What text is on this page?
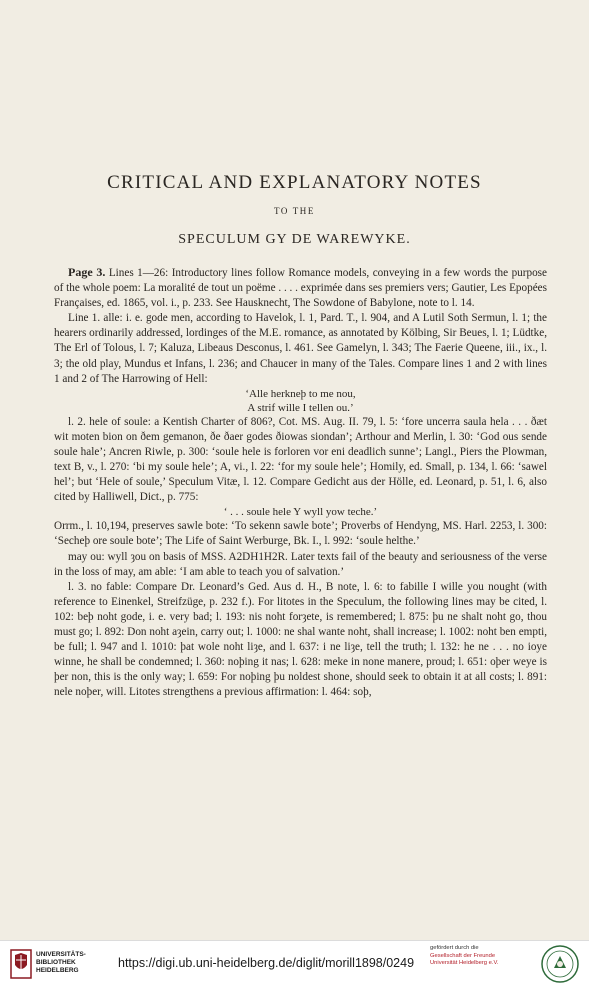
CRITICAL AND EXPLANATORY NOTES
TO THE
SPECULUM GY DE WAREWYKE.

Page 3. Lines 1—26: Introductory lines follow Romance models, conveying in a few words the purpose of the whole poem: La moralité de tout un poëme . . . . exprimée dans ses premiers vers; Gautier, Les Epopées Françaises, ed. 1865, vol. i., p. 233. See Hausknecht, The Sowdone of Babylone, note to l. 14.

Line 1. alle: i. e. gode men, according to Havelok, l. 1, Pard. T., l. 904, and A Lutil Soth Sermun, l. 1; the hearers ordinarily addressed, lordinges of the M.E. romance, as annotated by Kölbing, Sir Beues, l. 1; Lüdtke, The Erl of Tolous, l. 7; Kaluza, Libeaus Desconus, l. 461. See Gamelyn, l. 343; The Faerie Queene, iii., ix., l. 3; the old play, Mundus et Infans, l. 236; and Chaucer in many of the Tales. Compare lines 1 and 2 with lines 1 and 2 of The Harrowing of Hell:

‘Alle herkneþ to me nou,
A strif wille I tellen ou.’

l. 2. hele of soule: a Kentish Charter of 806?, Cot. MS. Aug. II. 79, l. 5: ‘fore uncerra saula hela . . . ðæt wit moten bion on ðem gemanon, ðe ðaer godes ðiowas siondan’; Arthour and Merlin, l. 30: ‘God ous sende soule hale’; Ancren Riwle, p. 300: ‘soule hele is forloren vor eni deadlich sunne’; Langl., Piers the Plowman, text B, v., l. 270: ‘bi my soule hele’; A, vi., l. 22: ‘for my soule hele’; Homily, ed. Small, p. 134, l. 66: ‘sawel hel’; but ‘Hele of soule,’ Speculum Vitæ, l. 12. Compare Gedicht aus der Hölle, ed. Leonard, p. 51, l. 6, also cited by Halliwell, Dict., p. 775:

‘ . . . soule hele Y wyll yow teche.’

Orrm., l. 10,194, preserves sawle bote: ‘To sekenn sawle bote’; Proverbs of Hendyng, MS. Harl. 2253, l. 300: ‘Secheþ ore soule bote’; The Life of Saint Werburge, Bk. I., l. 992: ‘soule helthe.’

may ou: wyll ȝou on basis of MSS. A2DH1H2R. Later texts fail of the beauty and seriousness of the verse in the loss of may, am able: ‘I am able to teach you of salvation.’

l. 3. no fable: Compare Dr. Leonard’s Ged. Aus d. H., B note, l. 6: to fabille I wille you nought (with reference to Einenkel, Streifzüge, p. 232 f.). For litotes in the Speculum, the following lines may be cited, l. 102: beþ noht gode, i. e. very bad; l. 193: nis noht forȝete, is remembered; l. 875: þu ne shalt noht go, thou must go; l. 892: Don noht aȝein, carry out; l. 1000: ne shal wante noht, shall increase; l. 1002: noht ben empti, be full; l. 947 and l. 1010: þat wole noht liȝe, and l. 637: i ne liȝe, tell the truth; l. 132: he ne . . . no ioye winne, he shall be condemned; l. 360: noþing it nas; l. 628: meke in none manere, proud; l. 651: oþer weye is þer non, this is the only way; l. 659: For noþing þu noldest shone, should seek to obtain it at all costs; l. 891: nele noþer, will. Litotes strengthens a previous affirmation: l. 464: soþ,

UNIVERSITÄTS-
BIBLIOTHEK
HEIDELBERG
https://digi.ub.uni-heidelberg.de/diglit/morill1898/0249
gefördert durch die
Gesellschaft der Freunde
Universität Heidelberg e.V.
